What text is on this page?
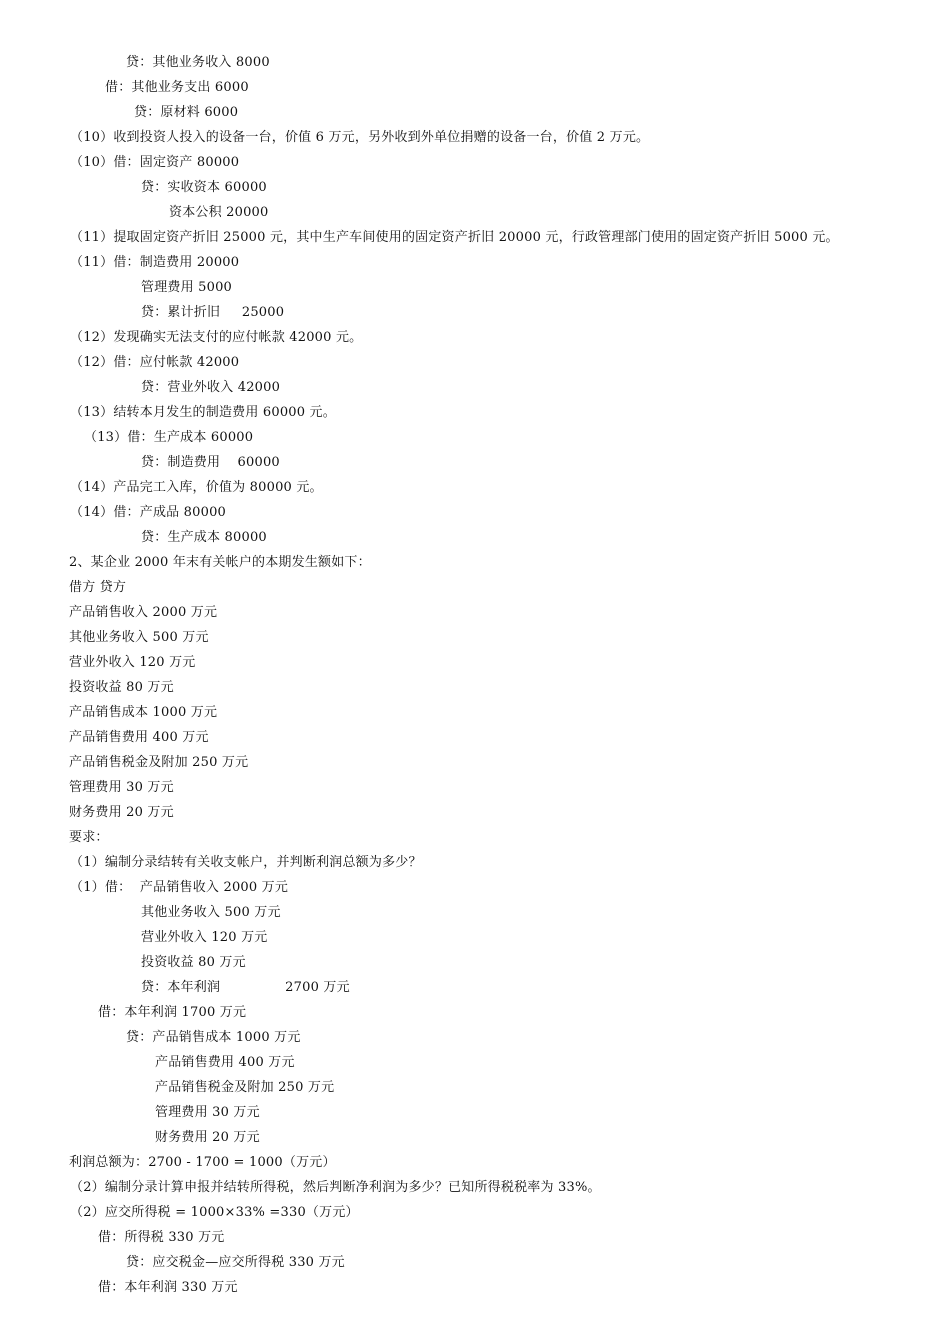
贷：其他业务收入 8000
借：其他业务支出 6000
贷：原材料 6000
（10）收到投资人投入的设备一台，价值 6 万元，另外收到外单位捐赠的设备一台，价值 2 万元。
（10）借：固定资产 80000
贷：实收资本 60000
资本公积 20000
（11）提取固定资产折旧 25000 元，其中生产车间使用的固定资产折旧 20000 元，行政管理部门使用的固定资产折旧 5000 元。
（11）借：制造费用 20000
管理费用 5000
贷：累计折旧     25000
（12）发现确实无法支付的应付帐款 42000 元。
（12）借：应付帐款 42000
贷：营业外收入 42000
（13）结转本月发生的制造费用 60000 元。
（13）借：生产成本 60000
贷：制造费用    60000
（14）产品完工入库，价值为 80000 元。
（14）借：产成品 80000
贷：生产成本 80000
2、某企业 2000 年末有关帐户的本期发生额如下：
借方 贷方
产品销售收入 2000 万元
其他业务收入 500 万元
营业外收入 120 万元
投资收益 80 万元
产品销售成本 1000 万元
产品销售费用 400 万元
产品销售税金及附加 250 万元
管理费用 30 万元
财务费用 20 万元
要求：
（1）编制分录结转有关收支帐户，并判断利润总额为多少？
（1）借：  产品销售收入 2000 万元
其他业务收入 500 万元
营业外收入 120 万元
投资收益 80 万元
贷：本年利润               2700 万元
借：本年利润 1700 万元
贷：产品销售成本 1000 万元
产品销售费用 400 万元
产品销售税金及附加 250 万元
管理费用 30 万元
财务费用 20 万元
利润总额为：2700 - 1700 = 1000（万元）
（2）编制分录计算申报并结转所得税，然后判断净利润为多少？已知所得税税率为 33%。
（2）应交所得税 = 1000×33% =330（万元）
借：所得税 330 万元
贷：应交税金—应交所得税 330 万元
借：本年利润 330 万元
